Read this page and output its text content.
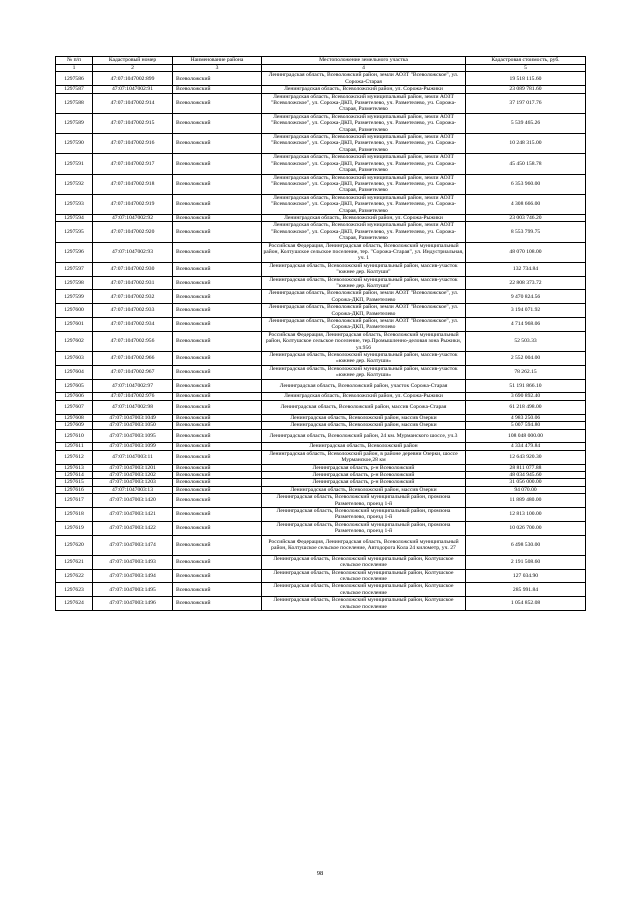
№ п/п	Кадастровый номер	Наименование района	Местоположение земельного участка	Кадастровая стоимость, руб.
1	2	3	4	5
1297586	47:07:1047002:899	Всеволожский	Ленинградская область, Всеволожский район, земли АОЗТ "Всеволожское", ул. Сорожа-Старая	19 518 115.60
1297587	47:07:1047002:91	Всеволожский	Ленинградская область, Всеволожский район, ул. Сорожа-Рыжики	23 089 781.60
1297588	47:07:1047002:914	Всеволожский	Ленинградская область, Всеволожский муниципальный район, земли АОЗТ "Всеволожское", ул. Сорожа-ДКП, Разметелево, уч. Разметелево, уч. Сорожа-Старая, Разметелево	37 197 017.76
1297589	47:07:1047002:915	Всеволожский	Ленинградская область, Всеволожский муниципальный район, земли АОЗТ "Всеволожское", ул. Сорожа-ДКП, Разметелево, уч. Разметелево, уч. Сорожа-Старая, Разметелево	5 539 465.26
1297590	47:07:1047002:916	Всеволожский	Ленинградская область, Всеволожский муниципальный район, земли АОЗТ "Всеволожское", ул. Сорожа-ДКП, Разметелево, уч. Разметелево, уч. Сорожа-Старая, Разметелево	10 248 315.00
1297591	47:07:1047002:917	Всеволожский	Ленинградская область, Всеволожский муниципальный район, земли АОЗТ "Всеволожское", ул. Сорожа-ДКП, Разметелево, уч. Разметелево, уч. Сорожа-Старая, Разметелево	45 450 158.78
1297592	47:07:1047002:918	Всеволожский	Ленинградская область, Всеволожский муниципальный район, земли АОЗТ "Всеволожское", ул. Сорожа-ДКП, Разметелево, уч. Разметелево, уч. Сорожа-Старая, Разметелево	6 353 960.00
1297593	47:07:1047002:919	Всеволожский	Ленинградская область, Всеволожский муниципальный район, земли АОЗТ "Всеволожское", ул. Сорожа-ДКП, Разметелево, уч. Разметелево, уч. Сорожа-Старая, Разметелево	4 308 666.00
1297594	47:07:1047002:92	Всеволожский	Ленинградская область, Всеволожский район, ул. Сорожа-Рыжики	23 003 746.20
1297595	47:07:1047002:920	Всеволожский	Ленинградская область, Всеволожский муниципальный район, земли АОЗТ "Всеволожское", ул. Сорожа-ДКП, Разметелево, уч. Разметелево, уч. Сорожа-Старая, Разметелево	8 553 799.75
1297596	47:07:1047002:93	Всеволожский	Российская Федерация, Ленинградская область, Всеволожский муниципальный район, Колтушское сельское поселение, тер. "Сорожа-Старая", ул. Индустриальная, уч. 1	48 070 108.00
1297597	47:07:1047002:930	Всеволожский	Ленинградская область, Всеволожский муниципальный район, массив-участок "южнее дер. Колтуши"	132 734.84
1297598	47:07:1047002:931	Всеволожский	Ленинградская область, Всеволожский муниципальный район, массив-участок "южнее дер. Колтуши"	22 808 373.72
1297599	47:07:1047002:932	Всеволожский	Ленинградская область, Всеволожский район, земли АОЗТ "Всеволожское", ул. Сорожа-ДКП, Разметелево	9 470 824.56
1297600	47:07:1047002:933	Всеволожский	Ленинградская область, Всеволожский район, земли АОЗТ "Всеволожское", ул. Сорожа-ДКП, Разметелево	3 194 071.92
1297601	47:07:1047002:934	Всеволожский	Ленинградская область, Всеволожский район, земли АОЗТ "Всеволожское", ул. Сорожа-ДКП, Разметелево	4 714 968.06
1297602	47:07:1047002:956	Всеволожский	Российская Федерация, Ленинградская область, Всеволожский муниципальный район, Колтушское сельское поселение, тер.Промышленно-деловая зона Рыжики, ул.956	52 503.33
1297603	47:07:1047002:966	Всеволожский	Ленинградская область, Всеволожский муниципальный район, массив-участок «южнее дер. Колтуши»	2 552 004.00
1297604	47:07:1047002:967	Всеволожский	Ленинградская область, Всеволожский муниципальный район, массив-участок «южнее дер. Колтуши»	78 262.15
1297605	47:07:1047002:97	Всеволожский	Ленинградская область, Всеволожский район, участок Сорожа-Старая	51 191 866.10
1297606	47:07:1047002:976	Всеволожский	Ленинградская область, Всеволожский район, ул. Сорожа-Рыжики	3 690 892.40
1297607	47:07:1047002:98	Всеволожский	Ленинградская область, Всеволожский район, массив Сорожа-Старая	61 218 498.00
1297608	47:07:1047003:1049	Всеволожский	Ленинградская область, Всеволожский район, массив Озерки	4 983 250.06
1297609	47:07:1047003:1050	Всеволожский	Ленинградская область, Всеволожский район, массив Озерки	5 007 594.80
1297610	47:07:1047003:1095	Всеволожский	Ленинградская область, Всеволожский район, 24 км. Мурманского шоссе, уч.3	108 048 000.00
1297611	47:07:1047003:1099	Всеволожский	Ленинградская область, Всеволожский район	4 334 479.84
1297612	47:07:1047003:11	Всеволожский	Ленинградская область, Всеволожский район, в районе деревни Озерки, шоссе Мурманское,28 км	12 643 920.30
1297613	47:07:1047003:1201	Всеволожский	Ленинградская область, р-н Всеволожский	28 811 077.88
1297614	47:07:1047003:1202	Всеволожский	Ленинградская область, р-н Всеволожский	48 034 945.60
1297615	47:07:1047003:1203	Всеволожский	Ленинградская область, р-н Всеволожский	31 056 000.00
1297616	47:07:1047003:13	Всеволожский	Ленинградская область, Всеволожский район, массив Озерки	94 070.00
1297617	47:07:1047003:1420	Всеволожский	Ленинградская область, Всеволожский муниципальный район, промзона Разметелево, проезд 1-й	11 889 480.00
1297618	47:07:1047003:1421	Всеволожский	Ленинградская область, Всеволожский муниципальный район, промзона Разметелево, проезд 1-й	12 813 100.00
1297619	47:07:1047003:1422	Всеволожский	Ленинградская область, Всеволожский муниципальный район, промзона Разметелево, проезд 1-й	10 026 700.00
1297620	47:07:1047003:1474	Всеволожский	Российская Федерация, Ленинградская область, Всеволожский муниципальный район, Колтушское сельское поселение, Автодорога Кола 24 километр, уч. 27	6 498 530.00
1297621	47:07:1047003:1493	Всеволожский	Ленинградская область, Всеволожский муниципальный район, Колтушское сельское поселение	2 191 508.60
1297622	47:07:1047003:1494	Всеволожский	Ленинградская область, Всеволожский муниципальный район, Колтушское сельское поселение	127 034.90
1297623	47:07:1047003:1495	Всеволожский	Ленинградская область, Всеволожский муниципальный район, Колтушское сельское поселение	285 991.84
1297624	47:07:1047003:1496	Всеволожский	Ленинградская область, Всеволожский муниципальный район, Колтушское сельское поселение	1 054 852.08
98
